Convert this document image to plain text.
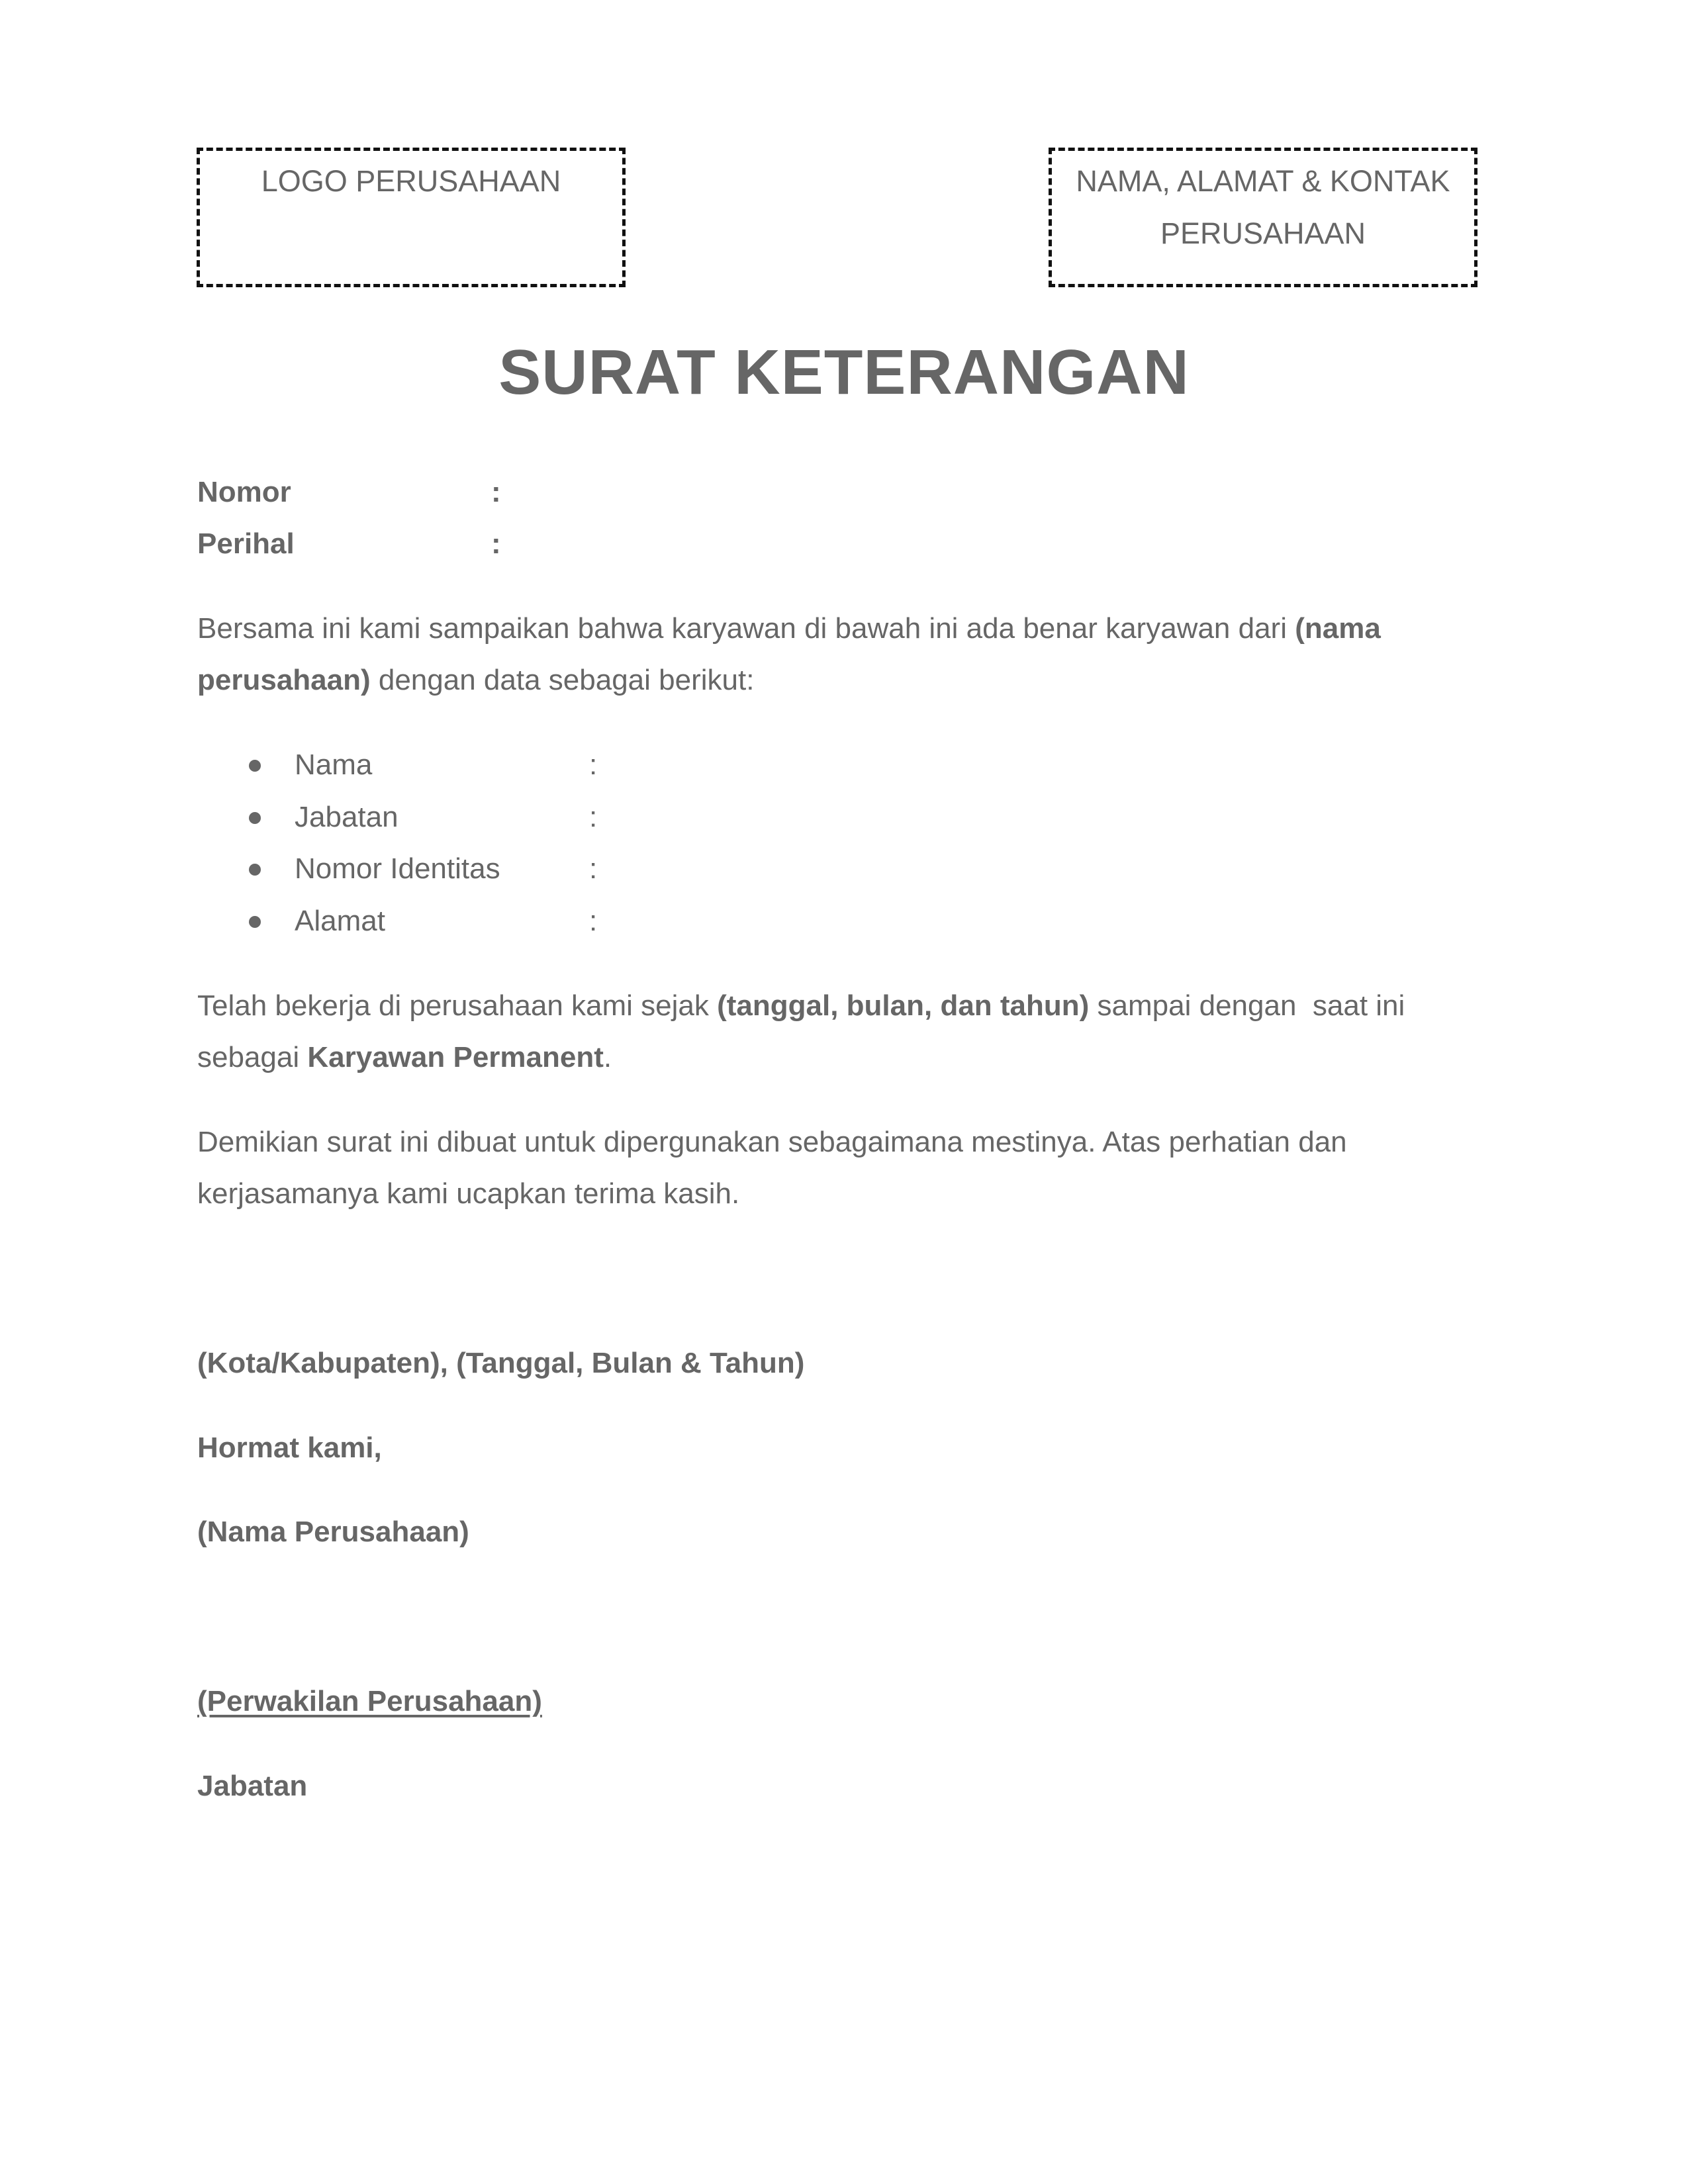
LOGO PERUSAHAAN	NAMA, ALAMAT & KONTAK
PERUSAHAAN
SURAT KETERANGAN
Nomor	:
Perihal	:
Bersama ini kami sampaikan bahwa karyawan di bawah ini ada benar karyawan dari (nama
perusahaan) dengan data sebagai berikut:
Nama	:
Jabatan	:
Nomor Identitas	:
Alamat	:
Telah bekerja di perusahaan kami sejak (tanggal, bulan, dan tahun) sampai dengan  saat ini
sebagai Karyawan Permanent.
Demikian surat ini dibuat untuk dipergunakan sebagaimana mestinya. Atas perhatian dan
kerjasamanya kami ucapkan terima kasih.
(Kota/Kabupaten), (Tanggal, Bulan & Tahun)
Hormat kami,
(Nama Perusahaan)
(Perwakilan Perusahaan)
Jabatan
